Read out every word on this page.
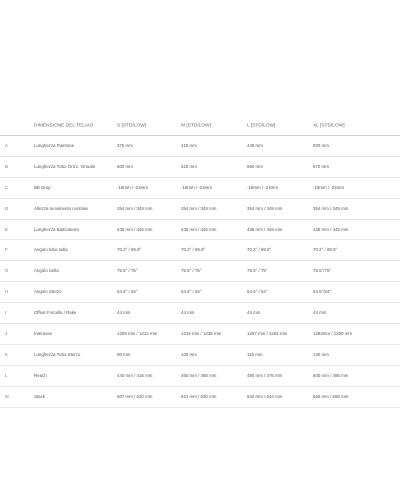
DIMENSIONE DEL TELAIO	S [STD/LOW]	M [STD/LOW]	L [STD/LOW]	XL [STD/LOW]
A	Lunghezza Piantone	375 mm	415 mm	445 mm	500 mm
B	Lunghezza Tubo Orizz. Virtuale	600 mm	620 mm	650 mm	670 mm
C	BB Drop	-19mm / -24mm	-19mm / -24mm	-19mm / -24mm	-19mm / -24mm
D	Altezza movimento centrale	354 mm / 349 mm	354 mm / 349 mm	354 mm / 349 mm	354 mm / 349 mm
E	Lunghezza Batticatena	435 mm / 445 mm	435 mm / 445 mm	435 mm / 445 mm	435 mm / 445 mm
F	Angolo tubo sella	70.2° / 69.8°	70.2° / 69.8°	70.2° / 69.8°	70.2° / 69.8°
G	Angolo Sella	75.5° / 75°	75.5° / 75°	75.5° / 75°	75.5°/75°
H	Angolo Sterzo	64.5° / 64°	64.5° / 64°	64.5° / 64°	64.5°/64°
I	Offset Forcella / Rake	44 mm	44 mm	44 mm	44 mm
J	Interasse	1208 mm / 1213 mm	1216 mm / 1238 mm	1257 mm / 1264 mm	1283mm / 1290 mm
K	Lunghezza Tubo Sterzo	90 mm	100 mm	115 mm	130 mm
L	Reach	440 mm / 416 mm	460 mm / 456 mm	480 mm / 476 mm	500 mm / 495 mm
M	Stack	607 mm / 620 mm	621 mm / 630 mm	634 mm / 644 mm	655 mm / 658 mm
